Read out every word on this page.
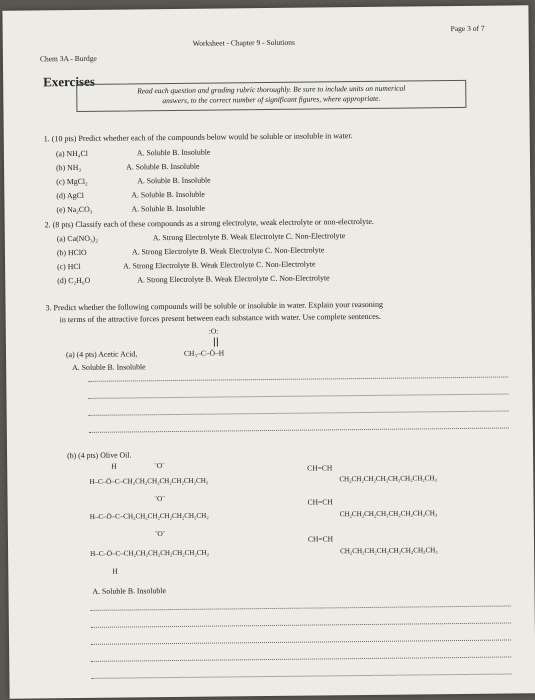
Chem 3A - Burdge
Worksheet - Chapter 9 - Solutions
Page 3 of 7
Exercises
Read each question and grading rubric thoroughly. Be sure to include units on numerical
answers, to the correct number of significant figures, where appropriate.
1. (10 pts) Predict whether each of the compounds below would be soluble or insoluble in water.
(a) NH₄Cl	A. Soluble B. Insoluble
(b) NH₃	A. Soluble B. Insoluble
(c) MgCl₂	A. Soluble B. Insoluble
(d) AgCl	A. Soluble B. Insoluble
(e) Na₂CO₃	A. Soluble B. Insoluble
2. (8 pts) Classify each of these compounds as a strong electrolyte, weak electrolyte or non-electrolyte.
(a) Ca(NO₃)₂	A. Strong Electrolyte B. Weak Electrolyte C. Non-Electrolyte
(b) HClO	A. Strong Electrolyte B. Weak Electrolyte C. Non-Electrolyte
(c) HCl	A. Strong Electrolyte B. Weak Electrolyte C. Non-Electrolyte
(d) C₂H₆O	A. Strong Electrolyte B. Weak Electrolyte C. Non-Electrolyte
3. Predict whether the following compounds will be soluble or insoluble in water. Explain your reasoning
in terms of the attractive forces present between each substance with water. Use complete sentences.
:O:
(a) (4 pts) Acetic Acid,	CH₃–C–Ö–H
A. Soluble B. Insoluble
(b) (4 pts) Olive Oil.
H	¨O¨	CH=CH
H–C–Ö–C–CH₂CH₂CH₂CH₂CH₂CH₂CH₂	CH₂CH₂CH₂CH₂CH₂CH₂CH₂CH₃
¨O¨	CH=CH
H–C–Ö–C–CH₂CH₂CH₂CH₂CH₂CH₂CH₂	CH₂CH₂CH₂CH₂CH₂CH₂CH₂CH₃
¨O¨
CH=CH
H–C–Ö–C–CH₂CH₂CH₂CH₂CH₂CH₂CH₂	CH₂CH₂CH₂CH₂CH₂CH₂CH₂CH₃
H
A. Soluble B. Insoluble
